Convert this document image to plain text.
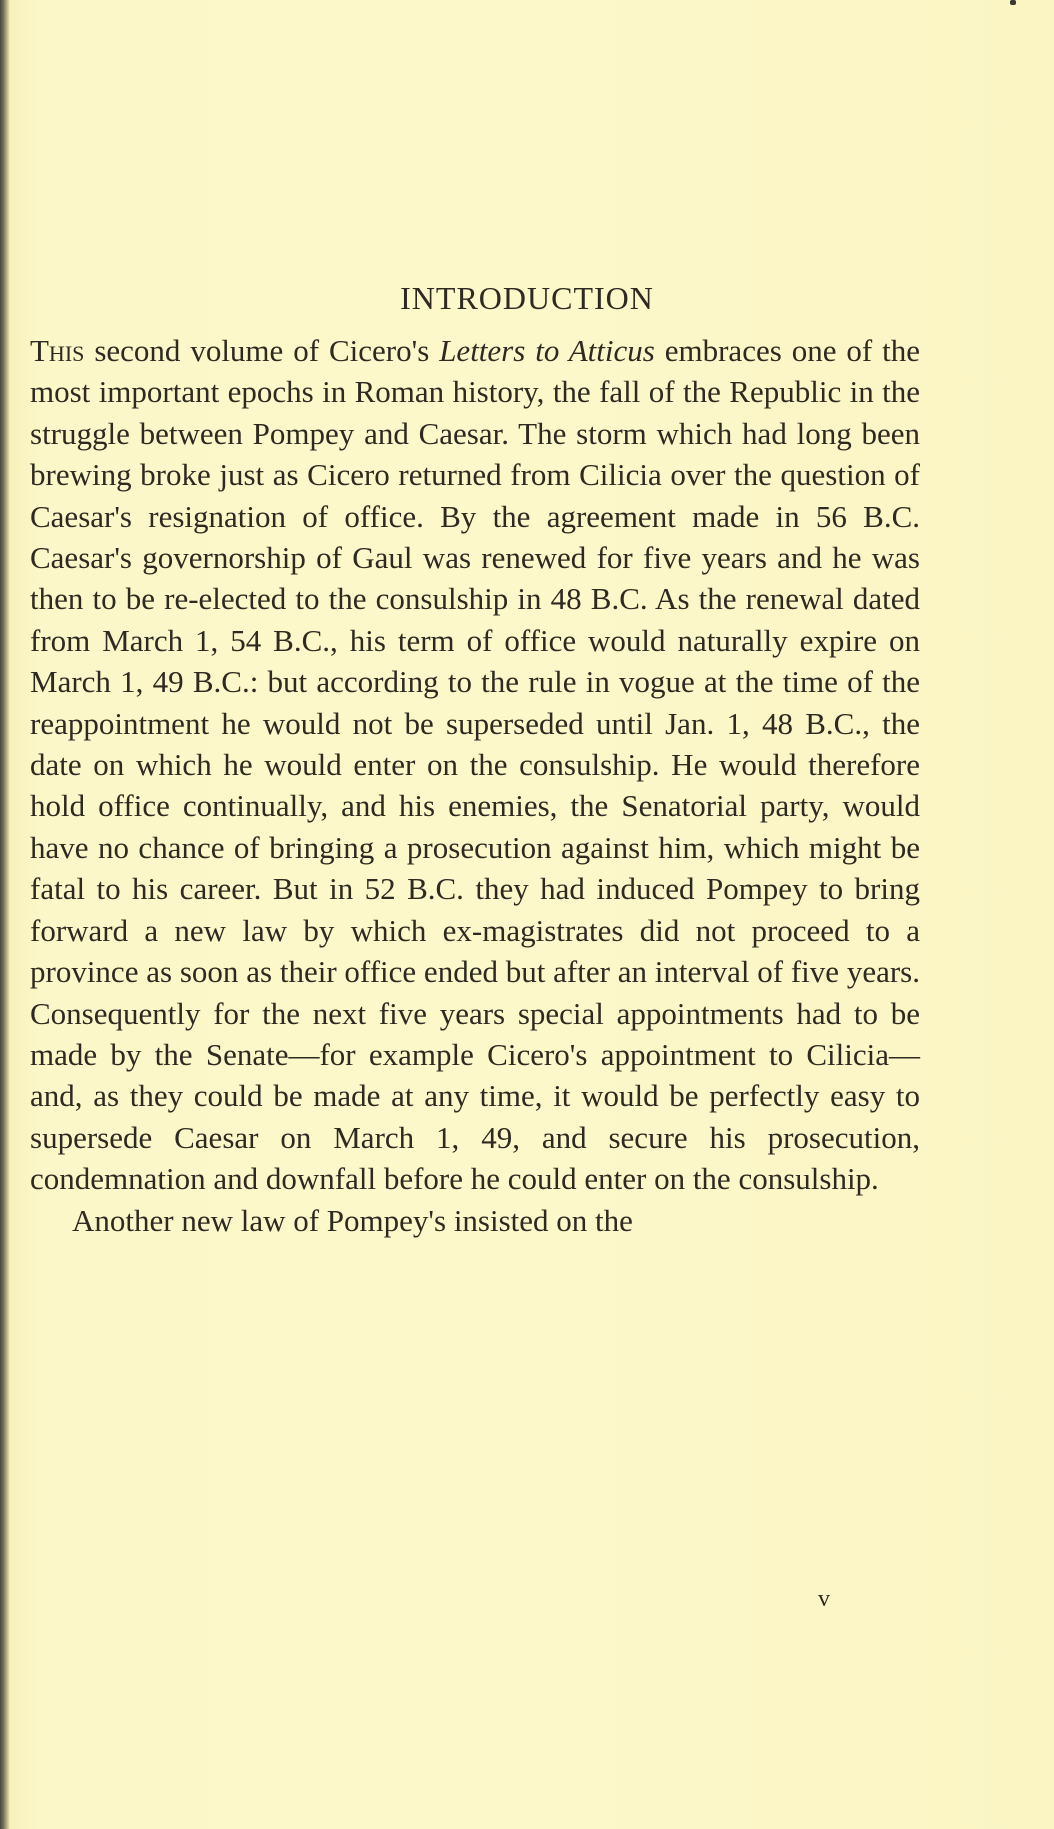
INTRODUCTION

This second volume of Cicero's Letters to Atticus embraces one of the most important epochs in Roman history, the fall of the Republic in the struggle between Pompey and Caesar. The storm which had long been brewing broke just as Cicero returned from Cilicia over the question of Caesar's resignation of office. By the agreement made in 56 B.C. Caesar's governorship of Gaul was renewed for five years and he was then to be re-elected to the consulship in 48 B.C. As the renewal dated from March 1, 54 B.C., his term of office would naturally expire on March 1, 49 B.C.: but according to the rule in vogue at the time of the reappointment he would not be superseded until Jan. 1, 48 B.C., the date on which he would enter on the consulship. He would therefore hold office continually, and his enemies, the Senatorial party, would have no chance of bringing a prosecution against him, which might be fatal to his career. But in 52 B.C. they had induced Pompey to bring forward a new law by which ex-magistrates did not proceed to a province as soon as their office ended but after an interval of five years. Consequently for the next five years special appointments had to be made by the Senate—for example Cicero's appointment to Cilicia—and, as they could be made at any time, it would be perfectly easy to supersede Caesar on March 1, 49, and secure his prosecution, condemnation and downfall before he could enter on the consulship.

Another new law of Pompey's insisted on the

v
